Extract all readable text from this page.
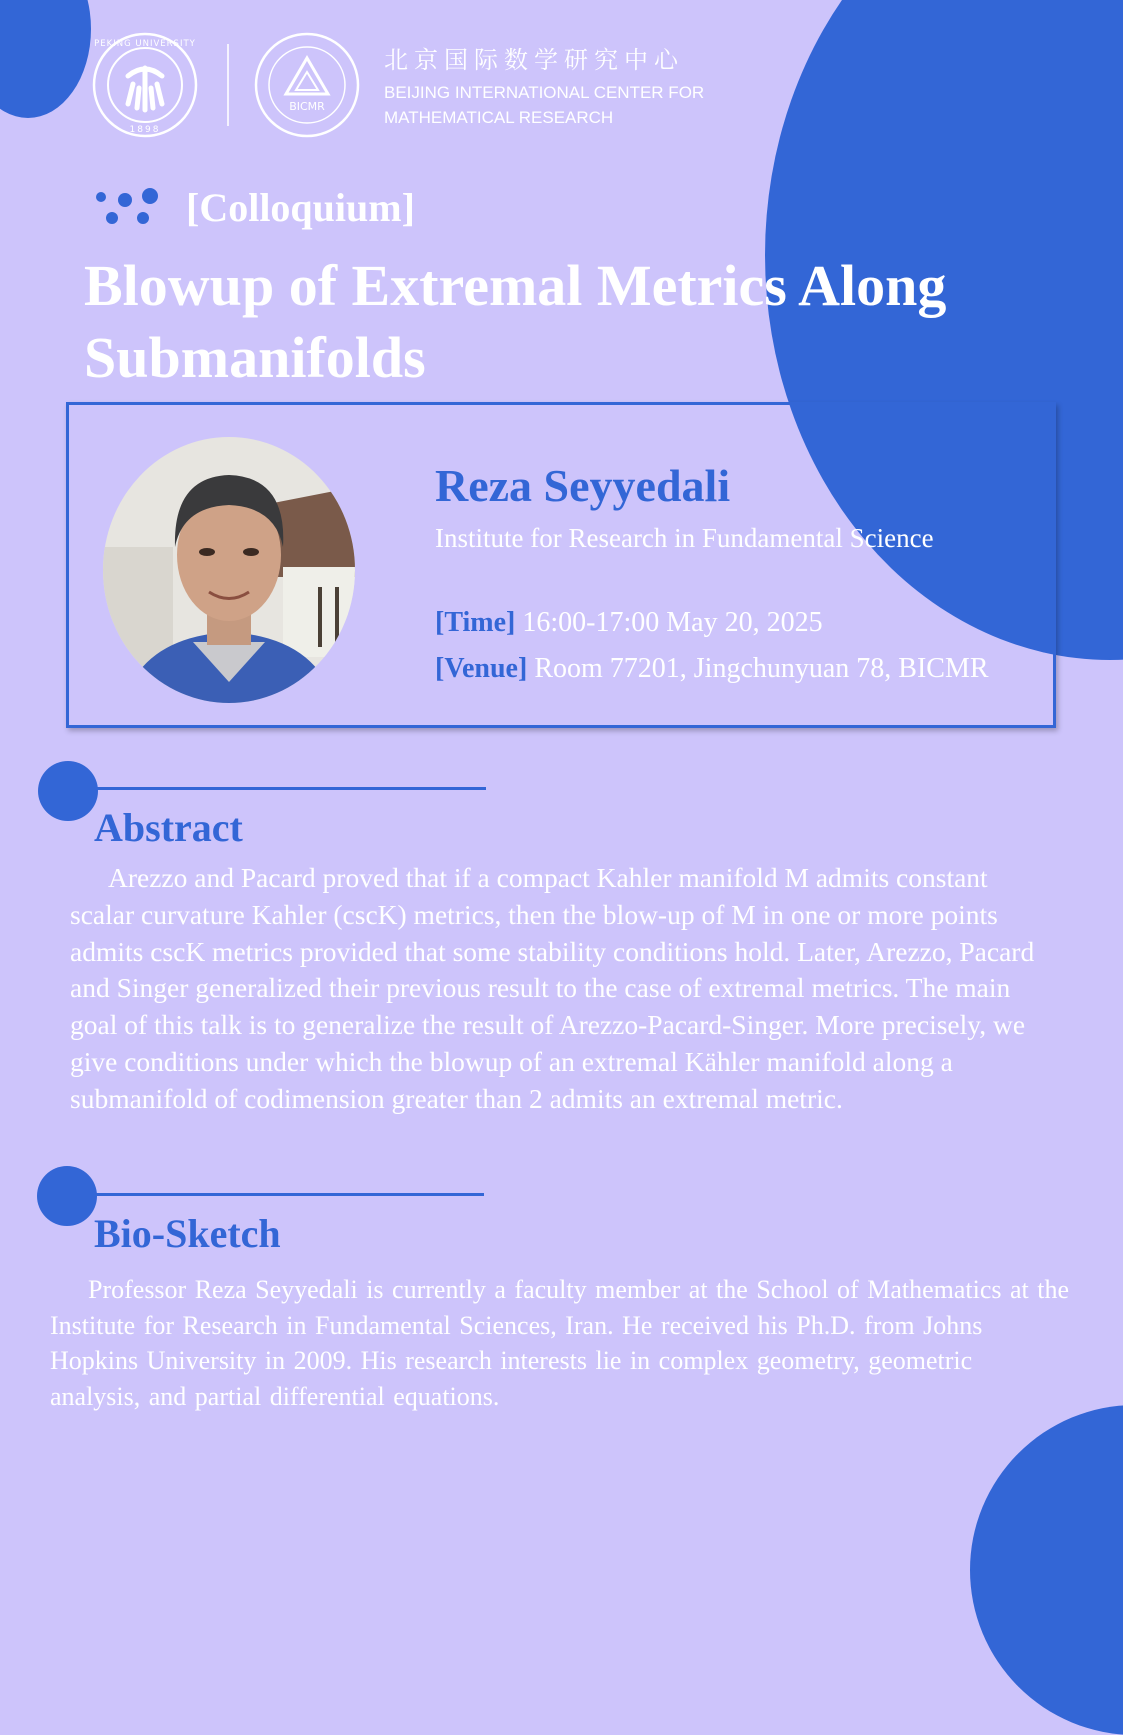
PEKING UNIVERSITY
1898
BICMR
北京国际数学研究中心
BEIJING INTERNATIONAL CENTER FOR
MATHEMATICAL RESEARCH
[Colloquium]
Blowup of Extremal Metrics Along Submanifolds
Reza Seyyedali
Institute for Research in Fundamental Science
[Time] 16:00-17:00 May 20, 2025
[Venue] Room 77201, Jingchunyuan 78, BICMR
Abstract

Arezzo and Pacard proved that if a compact Kahler manifold M admits constant scalar curvature Kahler (cscK) metrics, then the blow-up of M in one or more points admits cscK metrics provided that some stability conditions hold. Later, Arezzo, Pacard and Singer generalized their previous result to the case of extremal metrics. The main goal of this talk is to generalize the result of Arezzo-Pacard-Singer. More precisely, we give conditions under which the blowup of an extremal Kähler manifold along a submanifold of codimension greater than 2 admits an extremal metric.

Bio-Sketch

Professor Reza Seyyedali is currently a faculty member at the School of Mathematics at the Institute for Research in Fundamental Sciences, Iran. He received his Ph.D. from Johns Hopkins University in 2009. His research interests lie in complex geometry, geometric analysis, and partial differential equations.
